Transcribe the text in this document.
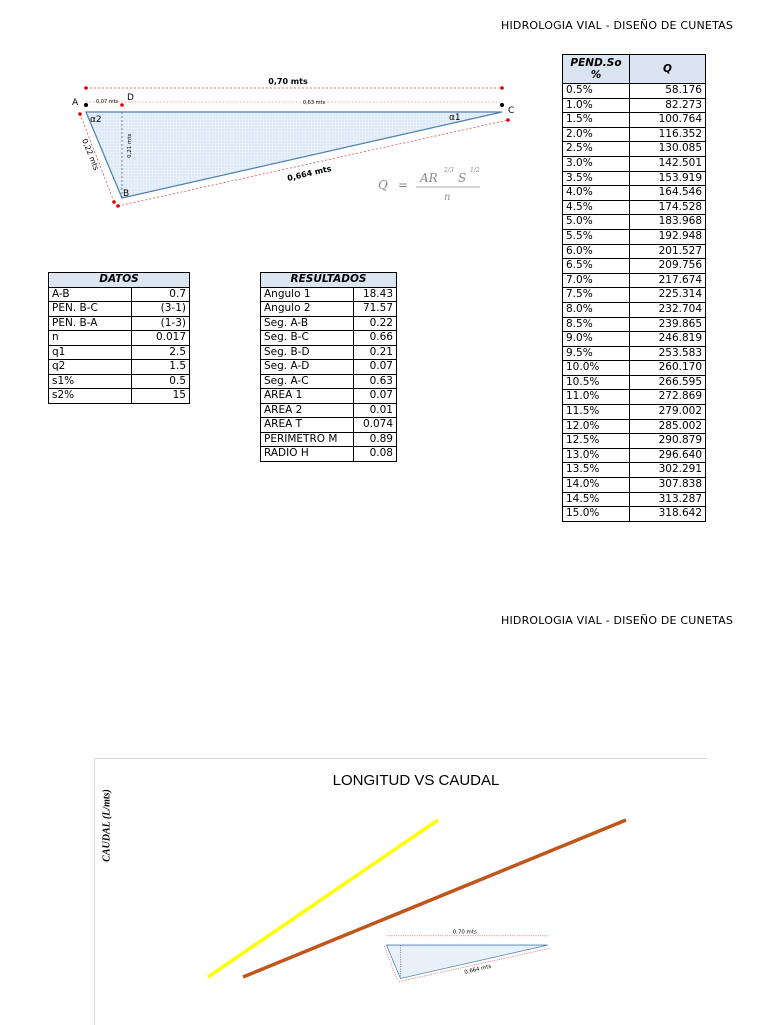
HIDROLOGIA VIAL - DISEÑO DE CUNETAS
HIDROLOGIA VIAL - DISEÑO DE CUNETAS
0,70 mts
0,07 mts	0,63 mts
A	D
C
B
α2	α1
0,21 mts
0,22 mts
0,664 mts
Q = AR
2/3
S
1/2
n
DATOS	
A-B	0.7
PEN. B-C	(3-1)
PEN. B-A	(1-3)
n	0.017
q1	2.5
q2	1.5
s1%	0.5
s2%	15
RESULTADOS	
Angulo 1	18.43
Angulo 2	71.57
Seg. A-B	0.22
Seg. B-C	0.66
Seg. B-D	0.21
Seg. A-D	0.07
Seg. A-C	0.63
AREA 1	0.07
AREA 2	0.01
AREA T	0.074
PERIMETRO M	0.89
RADIO H	0.08
PEND.So
%	Q
0.5%	58.176
1.0%	82.273
1.5%	100.764
2.0%	116.352
2.5%	130.085
3.0%	142.501
3.5%	153.919
4.0%	164.546
4.5%	174.528
5.0%	183.968
5.5%	192.948
6.0%	201.527
6.5%	209.756
7.0%	217.674
7.5%	225.314
8.0%	232.704
8.5%	239.865
9.0%	246.819
9.5%	253.583
10.0%	260.170
10.5%	266.595
11.0%	272.869
11.5%	279.002
12.0%	285.002
12.5%	290.879
13.0%	296.640
13.5%	302.291
14.0%	307.838
14.5%	313.287
15.0%	318.642
LONGITUD VS CAUDAL
CAUDAL (L/mts)
0,70 mts
0,664 mts
